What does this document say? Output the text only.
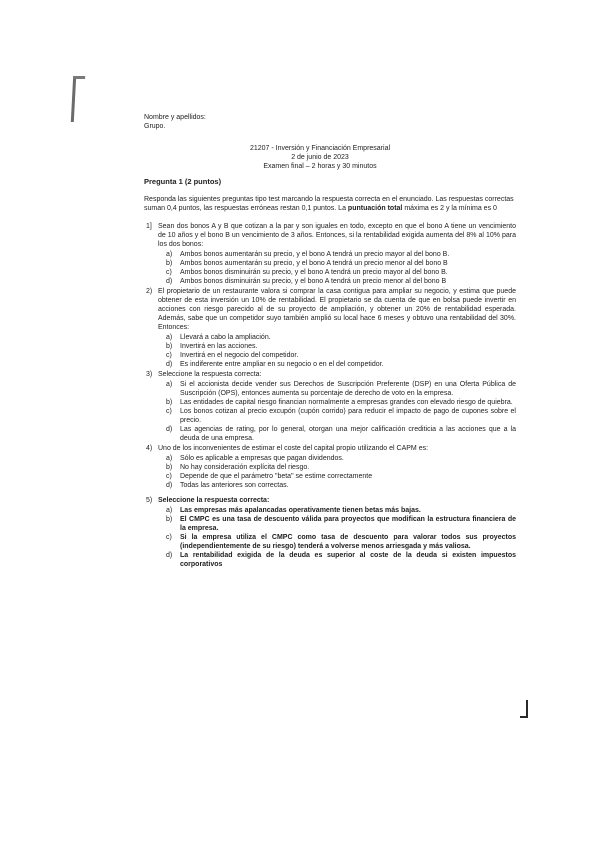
Nombre y apellidos:
Grupo.
21207 - Inversión y Financiación Empresarial
2 de junio de 2023
Examen final – 2 horas y 30 minutos
Pregunta 1 (2 puntos)
Responda las siguientes preguntas tipo test marcando la respuesta correcta en el enunciado. Las respuestas correctas suman 0,4 puntos, las respuestas erróneas restan 0,1 puntos. La puntuación total máxima es 2 y la mínima es 0
1] Sean dos bonos A y B que cotizan a la par y son iguales en todo, excepto en que el bono A tiene un vencimiento de 10 años y el bono B un vencimiento de 3 años. Entonces, si la rentabilidad exigida aumenta del 8% al 10% para los dos bonos:
a)	Ambos bonos aumentarán su precio, y el bono A tendrá un precio mayor al del bono B.
b)	Ambos bonos aumentarán su precio, y el bono A tendrá un precio menor al del bono B
c)	Ambos bonos disminuirán su precio, y el bono A tendrá un precio mayor al del bono B.
d)	Ambos bonos disminuirán su precio, y el bono A tendrá un precio menor al del bono B
2) El propietario de un restaurante valora si comprar la casa contigua para ampliar su negocio, y estima que puede obtener de esta inversión un 10% de rentabilidad. El propietario se da cuenta de que en bolsa puede invertir en acciones con riesgo parecido al de su proyecto de ampliación, y obtener un 20% de rentabilidad esperada. Además, sabe que un competidor suyo también amplió su local hace 6 meses y obtuvo una rentabilidad del 30%. Entonces:
a)	Llevará a cabo la ampliación.
b)	Invertirá en las acciones.
c)	Invertirá en el negocio del competidor.
d)	Es indiferente entre ampliar en su negocio o en el del competidor.
3) Seleccione la respuesta correcta:
a)	Si el accionista decide vender sus Derechos de Suscripción Preferente (DSP) en una Oferta Pública de Suscripción (OPS), entonces aumenta su porcentaje de derecho de voto en la empresa.
b)	Las entidades de capital riesgo financian normalmente a empresas grandes con elevado riesgo de quiebra.
c)	Los bonos cotizan al precio excupón (cupón corrido) para reducir el impacto de pago de cupones sobre el precio.
d)	Las agencias de rating, por lo general, otorgan una mejor calificación crediticia a las acciones que a la deuda de una empresa.
4) Uno de los inconvenientes de estimar el coste del capital propio utilizando el CAPM es:
a)	Sólo es aplicable a empresas que pagan dividendos.
b)	No hay consideración explícita del riesgo.
c)	Depende de que el parámetro "beta" se estime correctamente
d)	Todas las anteriores son correctas.
5) Seleccione la respuesta correcta:
a)	Las empresas más apalancadas operativamente tienen betas más bajas.
b)	El CMPC es una tasa de descuento válida para proyectos que modifican la estructura financiera de la empresa.
c)	Si la empresa utiliza el CMPC como tasa de descuento para valorar todos sus proyectos (independientemente de su riesgo) tenderá a volverse menos arriesgada y más valiosa.
d)	La rentabilidad exigida de la deuda es superior al coste de la deuda si existen impuestos corporativos
